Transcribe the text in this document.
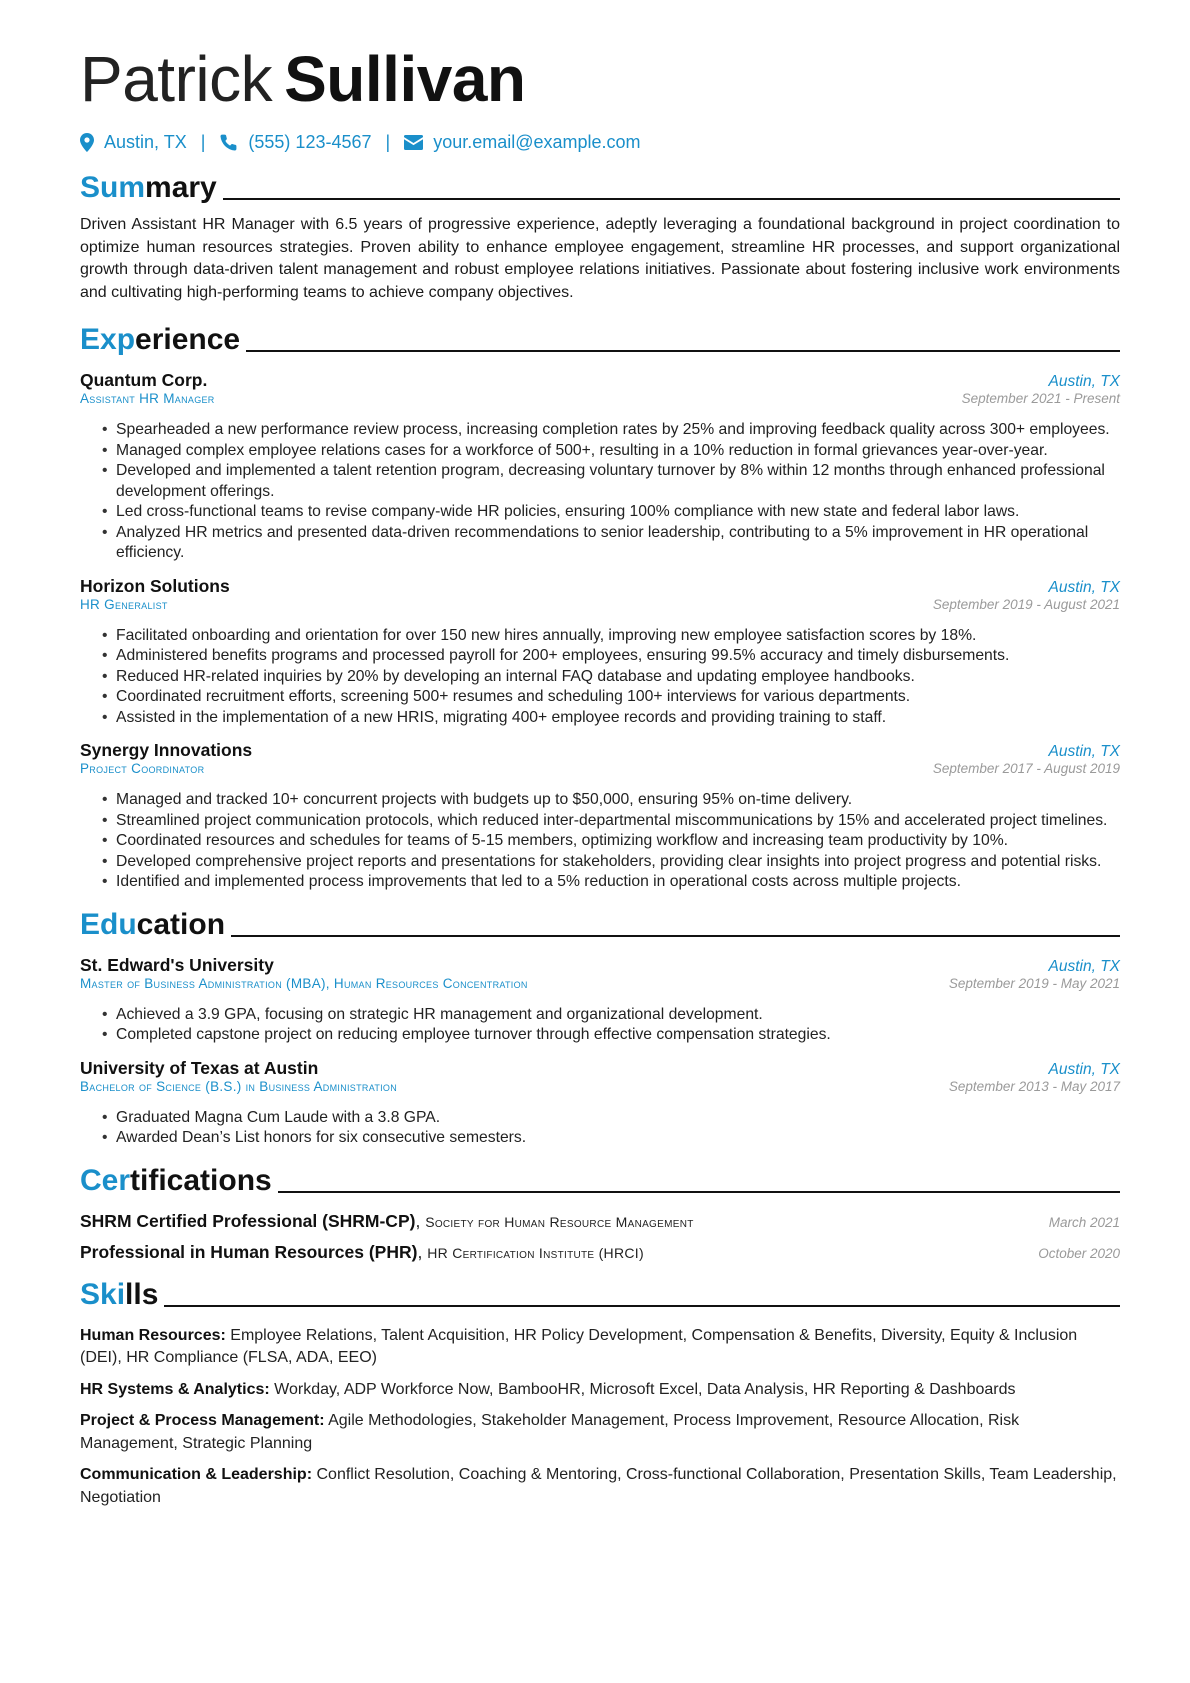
Patrick Sullivan
Austin, TX | (555) 123-4567 | your.email@example.com
Summary

Driven Assistant HR Manager with 6.5 years of progressive experience, adeptly leveraging a foundational background in project coordination to optimize human resources strategies. Proven ability to enhance employee engagement, streamline HR processes, and support organizational growth through data-driven talent management and robust employee relations initiatives. Passionate about fostering inclusive work environments and cultivating high-performing teams to achieve company objectives.

Experience
Quantum Corp.	Austin, TX
Assistant HR Manager	September 2021 - Present
• Spearheaded a new performance review process, increasing completion rates by 25% and improving feedback quality across 300+ employees.
• Managed complex employee relations cases for a workforce of 500+, resulting in a 10% reduction in formal grievances year-over-year.
• Developed and implemented a talent retention program, decreasing voluntary turnover by 8% within 12 months through enhanced professional development offerings.
• Led cross-functional teams to revise company-wide HR policies, ensuring 100% compliance with new state and federal labor laws.
• Analyzed HR metrics and presented data-driven recommendations to senior leadership, contributing to a 5% improvement in HR operational efficiency.
Horizon Solutions	Austin, TX
HR Generalist	September 2019 - August 2021
• Facilitated onboarding and orientation for over 150 new hires annually, improving new employee satisfaction scores by 18%.
• Administered benefits programs and processed payroll for 200+ employees, ensuring 99.5% accuracy and timely disbursements.
• Reduced HR-related inquiries by 20% by developing an internal FAQ database and updating employee handbooks.
• Coordinated recruitment efforts, screening 500+ resumes and scheduling 100+ interviews for various departments.
• Assisted in the implementation of a new HRIS, migrating 400+ employee records and providing training to staff.
Synergy Innovations	Austin, TX
Project Coordinator	September 2017 - August 2019
• Managed and tracked 10+ concurrent projects with budgets up to $50,000, ensuring 95% on-time delivery.
• Streamlined project communication protocols, which reduced inter-departmental miscommunications by 15% and accelerated project timelines.
• Coordinated resources and schedules for teams of 5-15 members, optimizing workflow and increasing team productivity by 10%.
• Developed comprehensive project reports and presentations for stakeholders, providing clear insights into project progress and potential risks.
• Identified and implemented process improvements that led to a 5% reduction in operational costs across multiple projects.
Education
St. Edward's University	Austin, TX
Master of Business Administration (MBA), Human Resources Concentration	September 2019 - May 2021
• Achieved a 3.9 GPA, focusing on strategic HR management and organizational development.
• Completed capstone project on reducing employee turnover through effective compensation strategies.
University of Texas at Austin	Austin, TX
Bachelor of Science (B.S.) in Business Administration	September 2013 - May 2017
• Graduated Magna Cum Laude with a 3.8 GPA.
• Awarded Dean’s List honors for six consecutive semesters.
Certifications
SHRM Certified Professional (SHRM-CP), Society for Human Resource Management	March 2021
Professional in Human Resources (PHR), HR Certification Institute (HRCI)	October 2020
Skills

Human Resources: Employee Relations, Talent Acquisition, HR Policy Development, Compensation & Benefits, Diversity, Equity & Inclusion (DEI), HR Compliance (FLSA, ADA, EEO)

HR Systems & Analytics: Workday, ADP Workforce Now, BambooHR, Microsoft Excel, Data Analysis, HR Reporting & Dashboards

Project & Process Management: Agile Methodologies, Stakeholder Management, Process Improvement, Resource Allocation, Risk Management, Strategic Planning

Communication & Leadership: Conflict Resolution, Coaching & Mentoring, Cross-functional Collaboration, Presentation Skills, Team Leadership, Negotiation
